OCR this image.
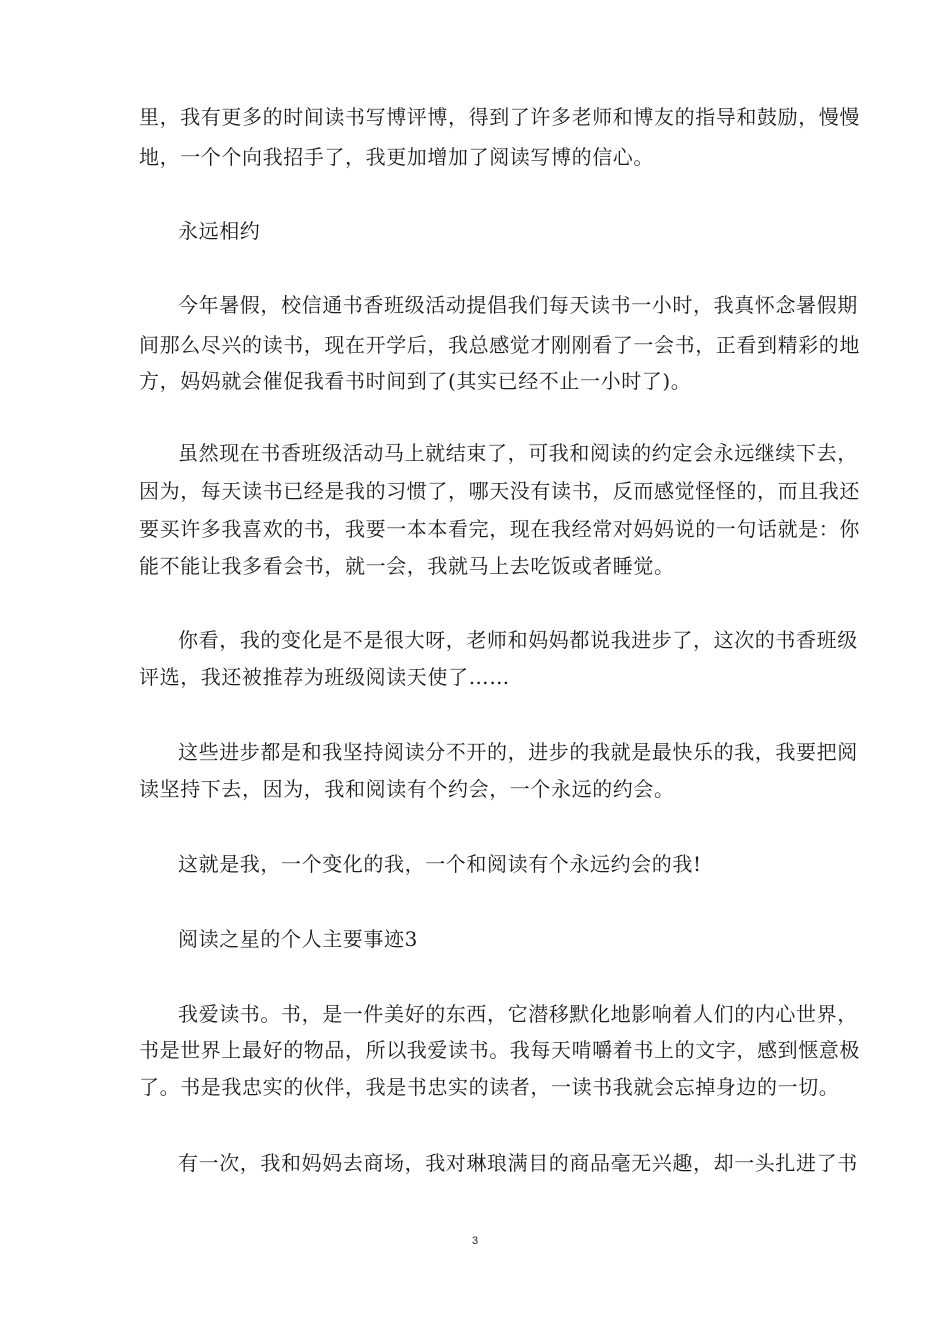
里，我有更多的时间读书写博评博，得到了许多老师和博友的指导和鼓励，慢慢
地，一个个向我招手了，我更加增加了阅读写博的信心。
永远相约
今年暑假，校信通书香班级活动提倡我们每天读书一小时，我真怀念暑假期
间那么尽兴的读书，现在开学后，我总感觉才刚刚看了一会书，正看到精彩的地
方，妈妈就会催促我看书时间到了(其实已经不止一小时了)。
虽然现在书香班级活动马上就结束了，可我和阅读的约定会永远继续下去，
因为，每天读书已经是我的习惯了，哪天没有读书，反而感觉怪怪的，而且我还
要买许多我喜欢的书，我要一本本看完，现在我经常对妈妈说的一句话就是：你
能不能让我多看会书，就一会，我就马上去吃饭或者睡觉。
你看，我的变化是不是很大呀，老师和妈妈都说我进步了，这次的书香班级
评选，我还被推荐为班级阅读天使了……
这些进步都是和我坚持阅读分不开的，进步的我就是最快乐的我，我要把阅
读坚持下去，因为，我和阅读有个约会，一个永远的约会。
这就是我，一个变化的我，一个和阅读有个永远约会的我!
阅读之星的个人主要事迹3
我爱读书。书，是一件美好的东西，它潜移默化地影响着人们的内心世界，
书是世界上最好的物品，所以我爱读书。我每天啃嚼着书上的文字，感到惬意极
了。书是我忠实的伙伴，我是书忠实的读者，一读书我就会忘掉身边的一切。
有一次，我和妈妈去商场，我对琳琅满目的商品毫无兴趣，却一头扎进了书
3
